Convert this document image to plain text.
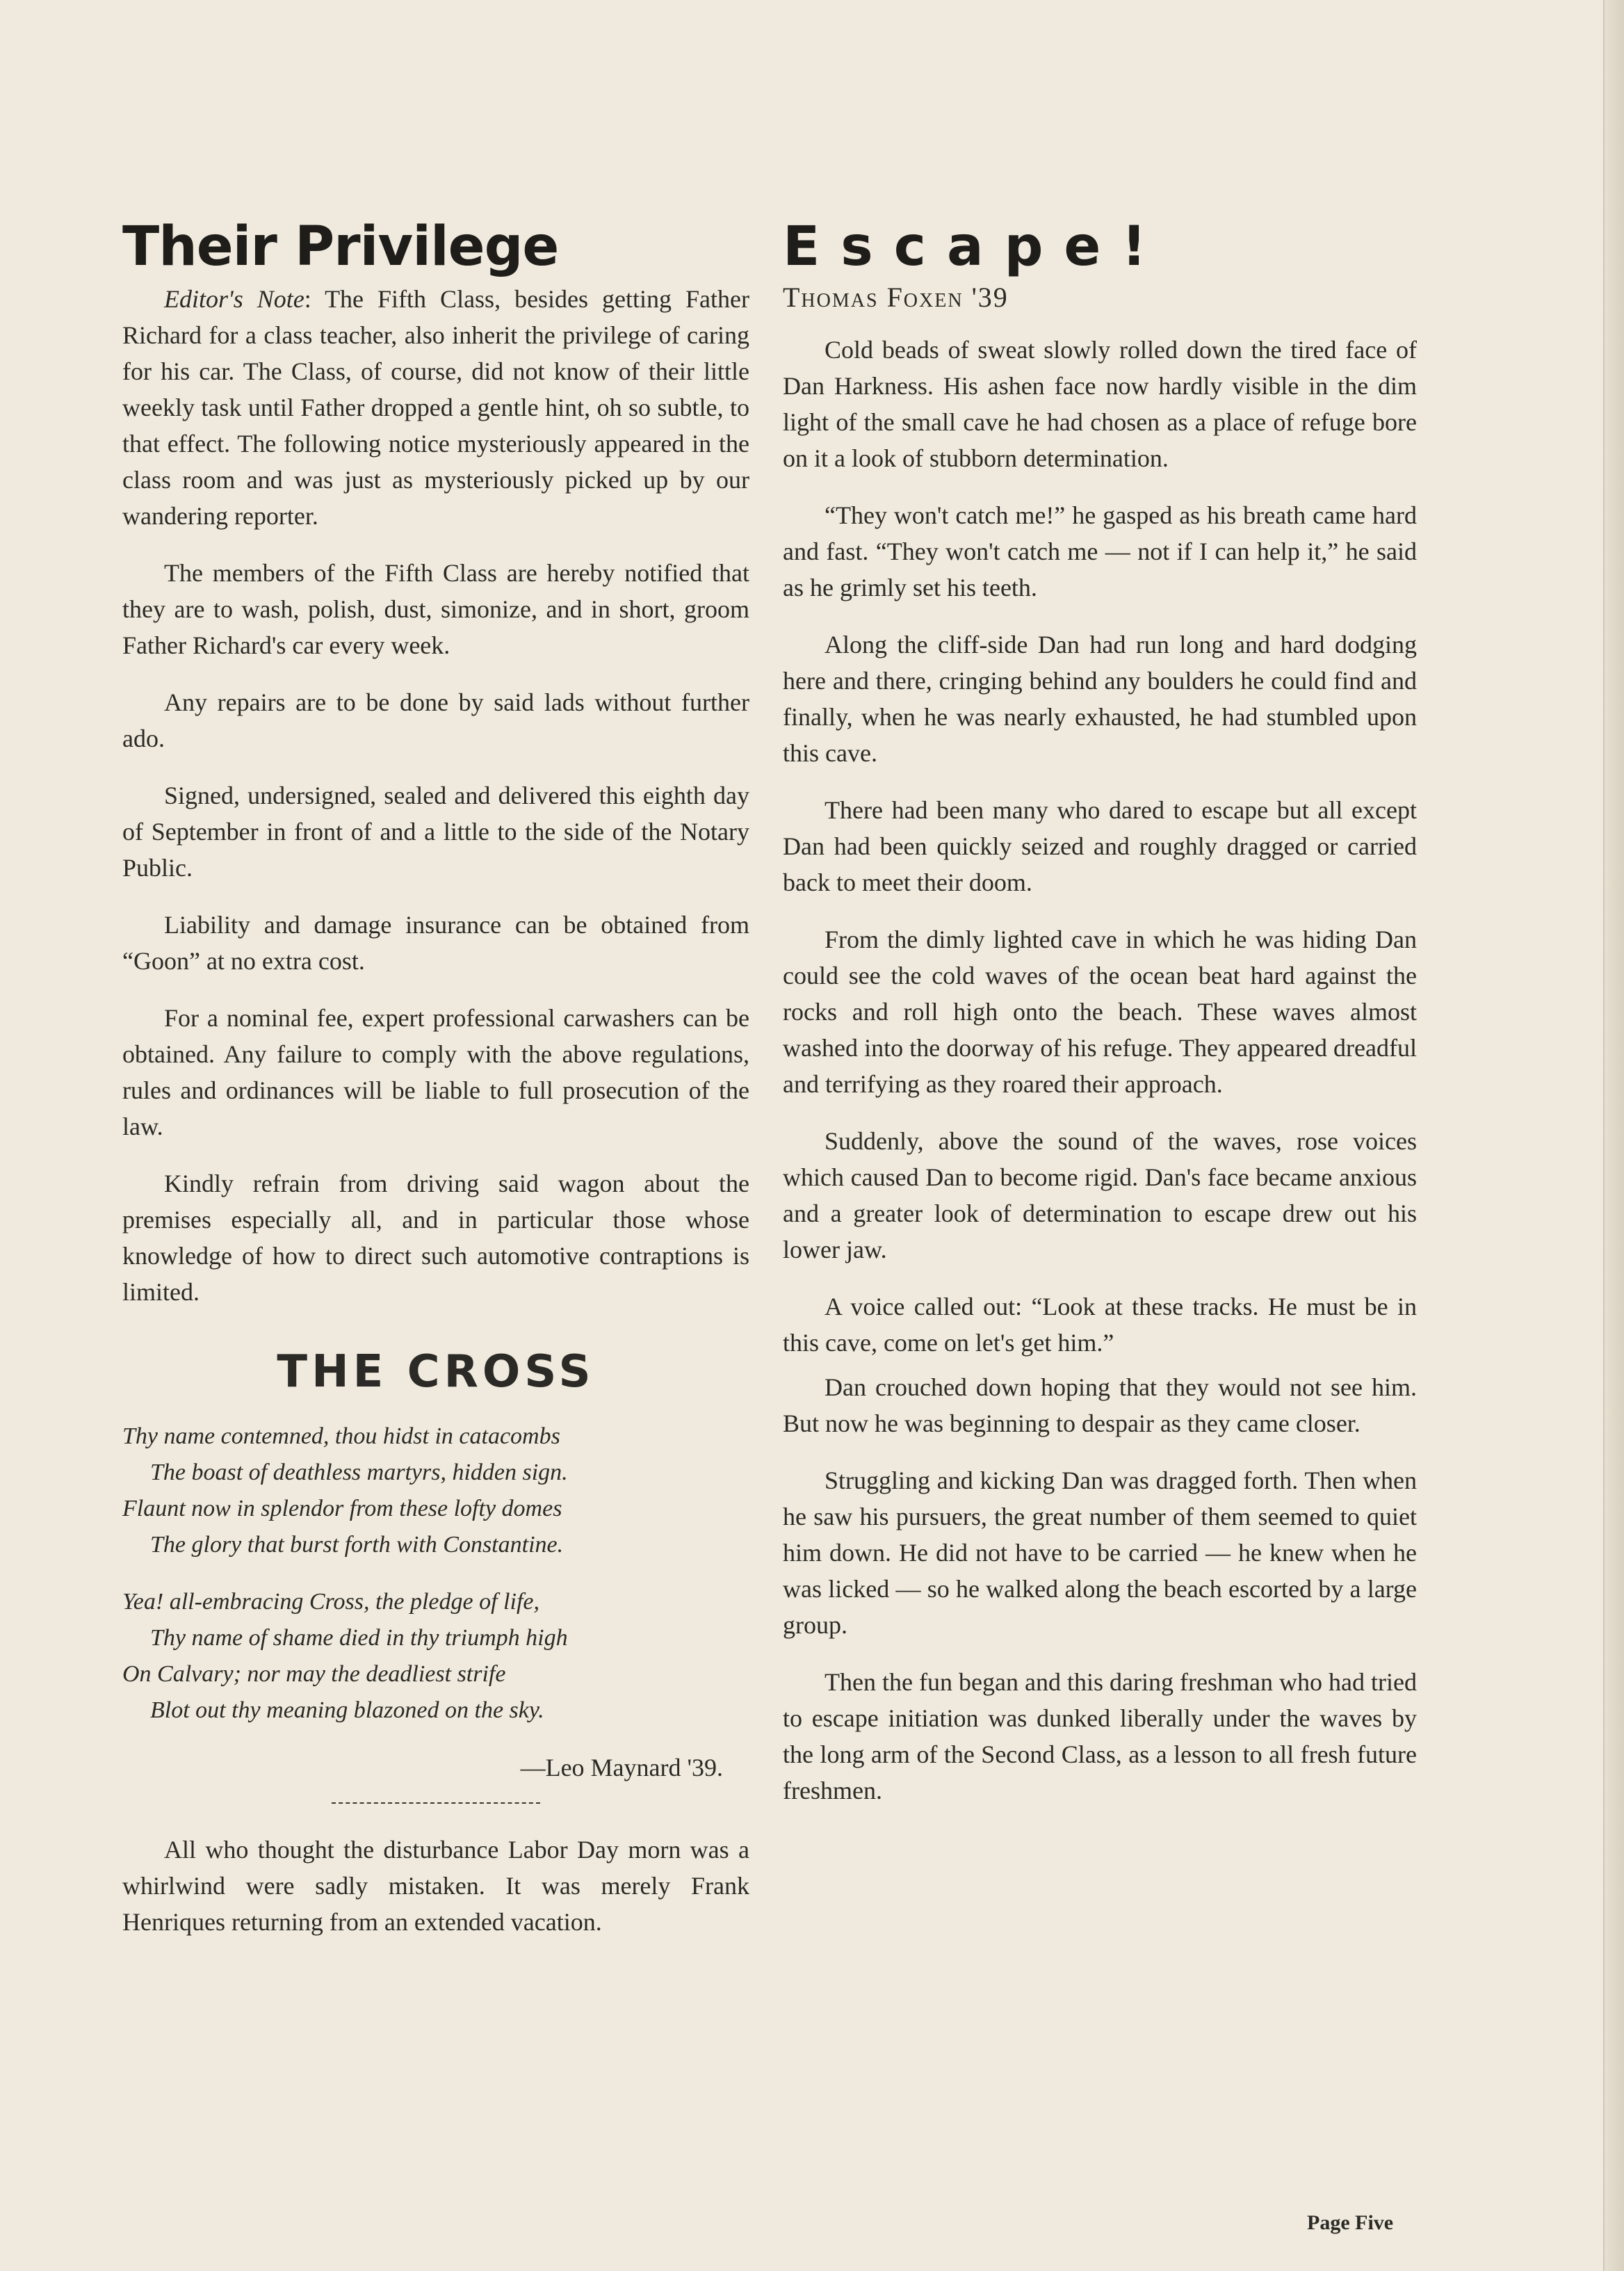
Their Privilege

Editor's Note: The Fifth Class, besides getting Father Richard for a class teacher, also inherit the privilege of caring for his car. The Class, of course, did not know of their little weekly task until Father dropped a gentle hint, oh so subtle, to that effect. The following notice mysteriously appeared in the class room and was just as mysteriously picked up by our wandering reporter.

The members of the Fifth Class are hereby notified that they are to wash, polish, dust, simonize, and in short, groom Father Richard's car every week.

Any repairs are to be done by said lads without further ado.

Signed, undersigned, sealed and delivered this eighth day of September in front of and a little to the side of the Notary Public.

Liability and damage insurance can be obtained from “Goon” at no extra cost.

For a nominal fee, expert professional carwashers can be obtained. Any failure to comply with the above regulations, rules and ordinances will be liable to full prosecution of the law.

Kindly refrain from driving said wagon about the premises especially all, and in particular those whose knowledge of how to direct such automotive contraptions is limited.

THE CROSS
Thy name contemned, thou hidst in catacombs
The boast of deathless martyrs, hidden sign.
Flaunt now in splendor from these lofty domes
The glory that burst forth with Constantine.
Yea! all-embracing Cross, the pledge of life,
Thy name of shame died in thy triumph high
On Calvary; nor may the deadliest strife
Blot out thy meaning blazoned on the sky.
—Leo Maynard '39.

All who thought the disturbance Labor Day morn was a whirlwind were sadly mistaken. It was merely Frank Henriques returning from an extended vacation.

Escape!
Thomas Foxen '39

Cold beads of sweat slowly rolled down the tired face of Dan Harkness. His ashen face now hardly visible in the dim light of the small cave he had chosen as a place of refuge bore on it a look of stubborn determination.

“They won't catch me!” he gasped as his breath came hard and fast. “They won't catch me — not if I can help it,” he said as he grimly set his teeth.

Along the cliff-side Dan had run long and hard dodging here and there, cringing behind any boulders he could find and finally, when he was nearly exhausted, he had stumbled upon this cave.

There had been many who dared to escape but all except Dan had been quickly seized and roughly dragged or carried back to meet their doom.

From the dimly lighted cave in which he was hiding Dan could see the cold waves of the ocean beat hard against the rocks and roll high onto the beach. These waves almost washed into the doorway of his refuge. They appeared dreadful and terrifying as they roared their approach.

Suddenly, above the sound of the waves, rose voices which caused Dan to become rigid. Dan's face became anxious and a greater look of determination to escape drew out his lower jaw.

A voice called out: “Look at these tracks. He must be in this cave, come on let's get him.”

Dan crouched down hoping that they would not see him. But now he was beginning to despair as they came closer.

Struggling and kicking Dan was dragged forth. Then when he saw his pursuers, the great number of them seemed to quiet him down. He did not have to be carried — he knew when he was licked — so he walked along the beach escorted by a large group.

Then the fun began and this daring freshman who had tried to escape initiation was dunked liberally under the waves by the long arm of the Second Class, as a lesson to all fresh future freshmen.

Page Five
